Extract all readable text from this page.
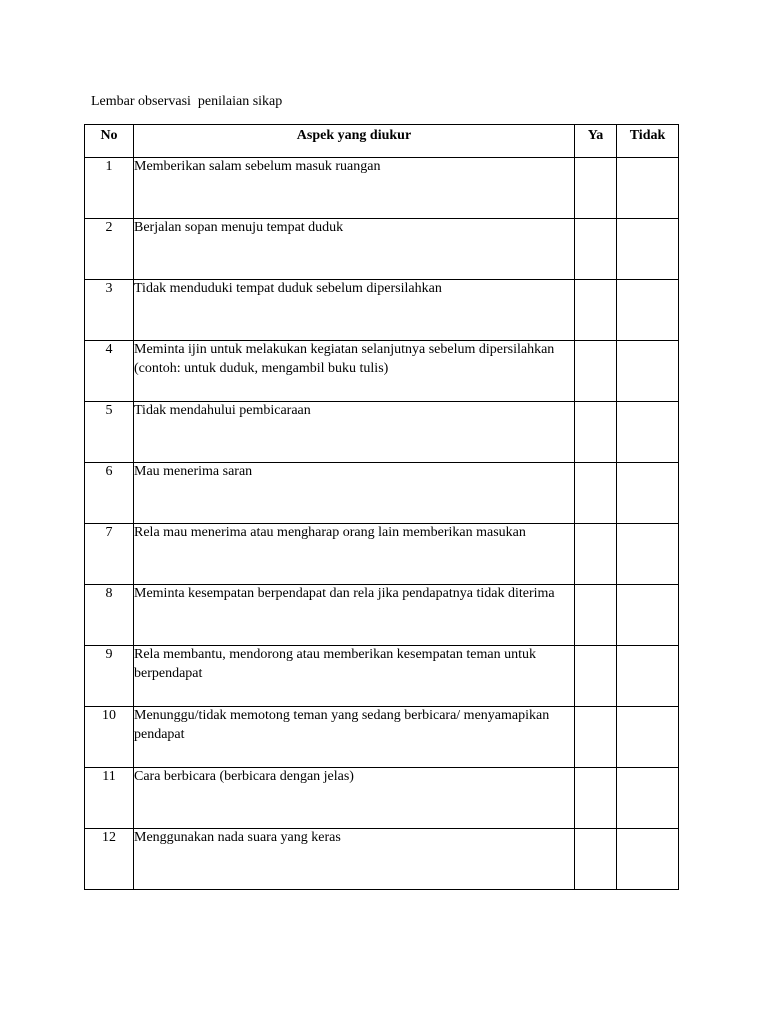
Lembar observasi  penilaian sikap
No	Aspek yang diukur	Ya	Tidak
1	Memberikan salam sebelum masuk ruangan		
2	Berjalan sopan menuju tempat duduk		
3	Tidak menduduki tempat duduk sebelum dipersilahkan		
4	Meminta ijin untuk melakukan kegiatan selanjutnya sebelum dipersilahkan (contoh: untuk duduk, mengambil buku tulis)		
5	Tidak mendahului pembicaraan		
6	Mau menerima saran		
7	Rela mau menerima atau mengharap orang lain memberikan masukan		
8	Meminta kesempatan berpendapat dan rela jika pendapatnya tidak diterima		
9	Rela membantu, mendorong atau memberikan kesempatan teman untuk berpendapat		
10	Menunggu/tidak memotong teman yang sedang berbicara/ menyamapikan pendapat		
11	Cara berbicara (berbicara dengan jelas)		
12	Menggunakan nada suara yang keras		
